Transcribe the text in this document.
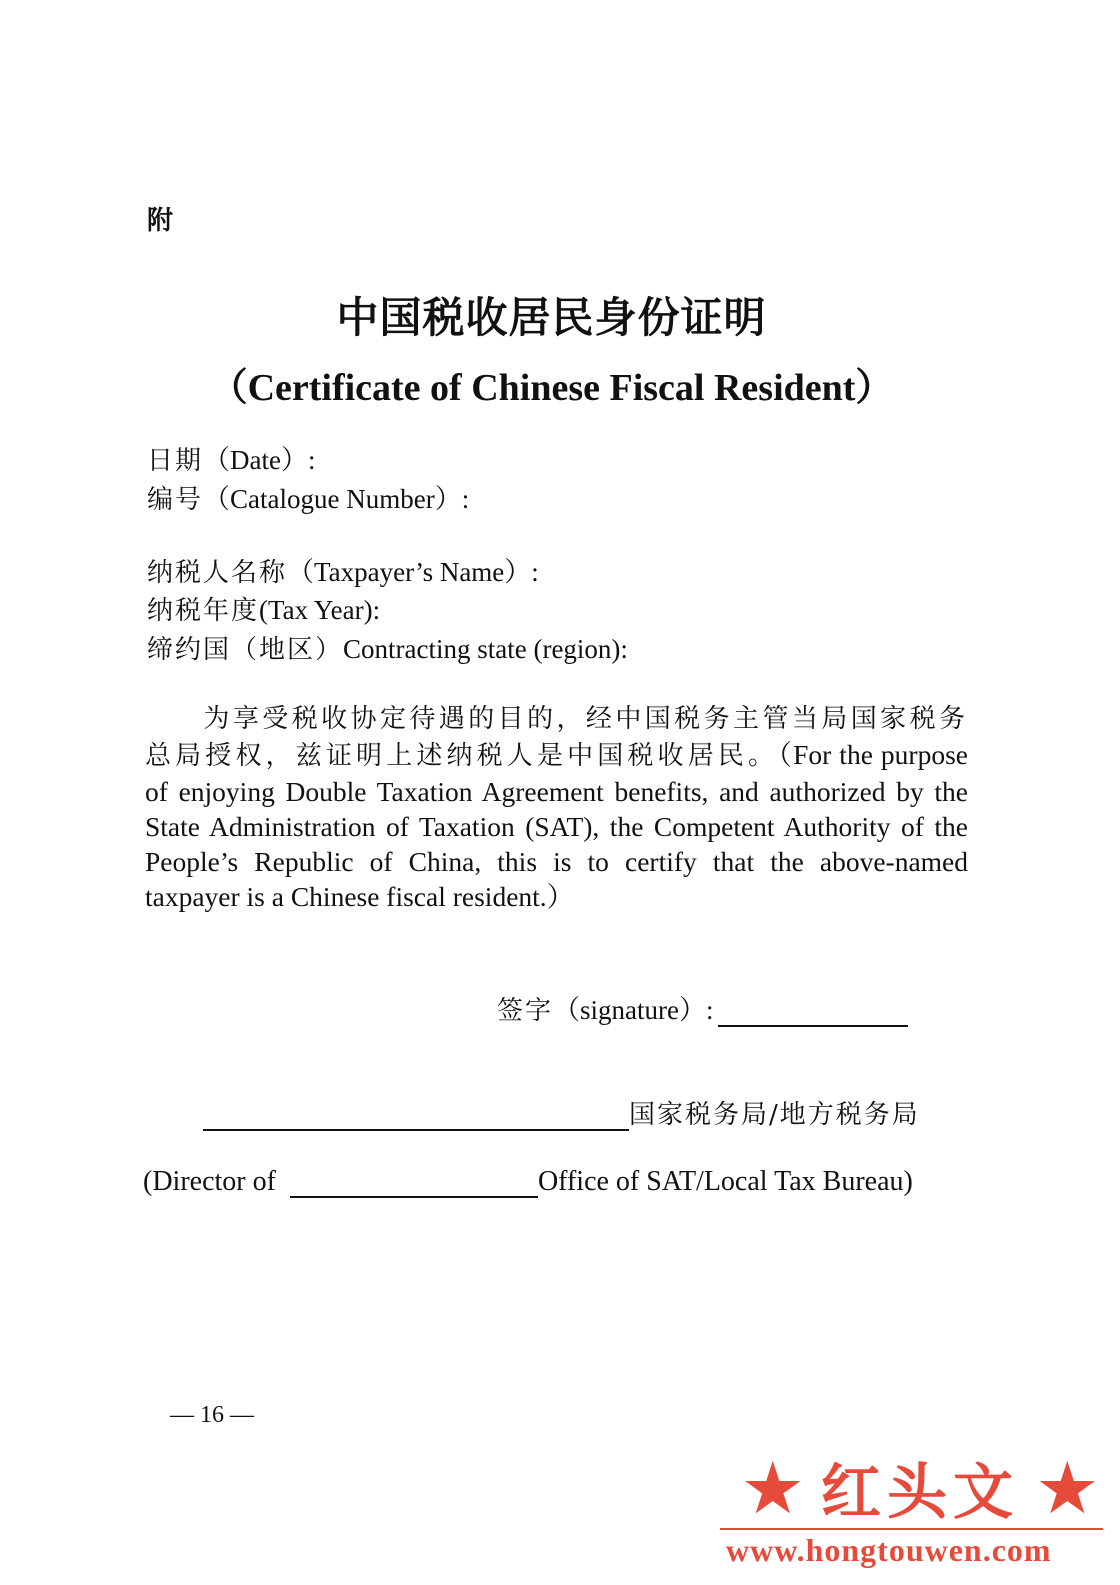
附
中国税收居民身份证明
（Certificate of Chinese Fiscal Resident）
日期（Date）:
编号（Catalogue Number）:
纳税人名称（Taxpayer’s Name）:
纳税年度(Tax Year):
缔约国（地区）Contracting state (region):
为享受税收协定待遇的目的，经中国税务主管当局国家税务总局授权，兹证明上述纳税人是中国税收居民。（For the purpose of enjoying Double Taxation Agreement benefits, and authorized by the State Administration of Taxation (SAT), the Competent Authority of the People’s Republic of China, this is to certify that the above-named taxpayer is a Chinese fiscal resident.）
签字 （signature）:
国家税务局/地方税务局
(Director of	Office of SAT/Local Tax Bureau)
— 16 —
★ 红头文 ★
www.hongtouwen.com
